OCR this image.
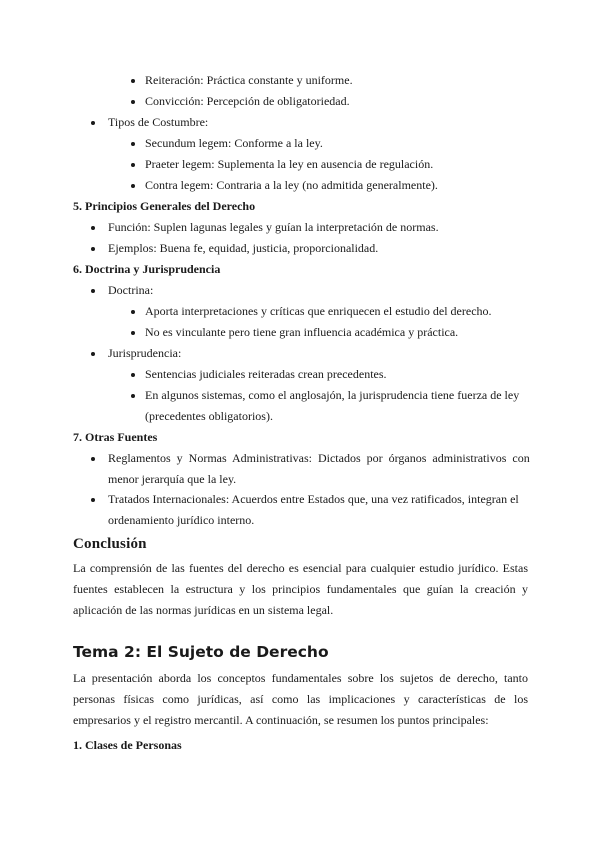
Reiteración: Práctica constante y uniforme.
Convicción: Percepción de obligatoriedad.
Tipos de Costumbre:
Secundum legem: Conforme a la ley.
Praeter legem: Suplementa la ley en ausencia de regulación.
Contra legem: Contraria a la ley (no admitida generalmente).
5. Principios Generales del Derecho
Función: Suplen lagunas legales y guían la interpretación de normas.
Ejemplos: Buena fe, equidad, justicia, proporcionalidad.
6. Doctrina y Jurisprudencia
Doctrina:
Aporta interpretaciones y críticas que enriquecen el estudio del derecho.
No es vinculante pero tiene gran influencia académica y práctica.
Jurisprudencia:
Sentencias judiciales reiteradas crean precedentes.
En algunos sistemas, como el anglosajón, la jurisprudencia tiene fuerza de ley
(precedentes obligatorios).
7. Otras Fuentes
Reglamentos y Normas Administrativas: Dictados por órganos administrativos con
menor jerarquía que la ley.
Tratados Internacionales: Acuerdos entre Estados que, una vez ratificados, integran el
ordenamiento jurídico interno.
Conclusión
La comprensión de las fuentes del derecho es esencial para cualquier estudio jurídico. Estas fuentes establecen la estructura y los principios fundamentales que guían la creación y aplicación de las normas jurídicas en un sistema legal.
Tema 2: El Sujeto de Derecho
La presentación aborda los conceptos fundamentales sobre los sujetos de derecho, tanto personas físicas como jurídicas, así como las implicaciones y características de los empresarios y el registro mercantil. A continuación, se resumen los puntos principales:
1. Clases de Personas
